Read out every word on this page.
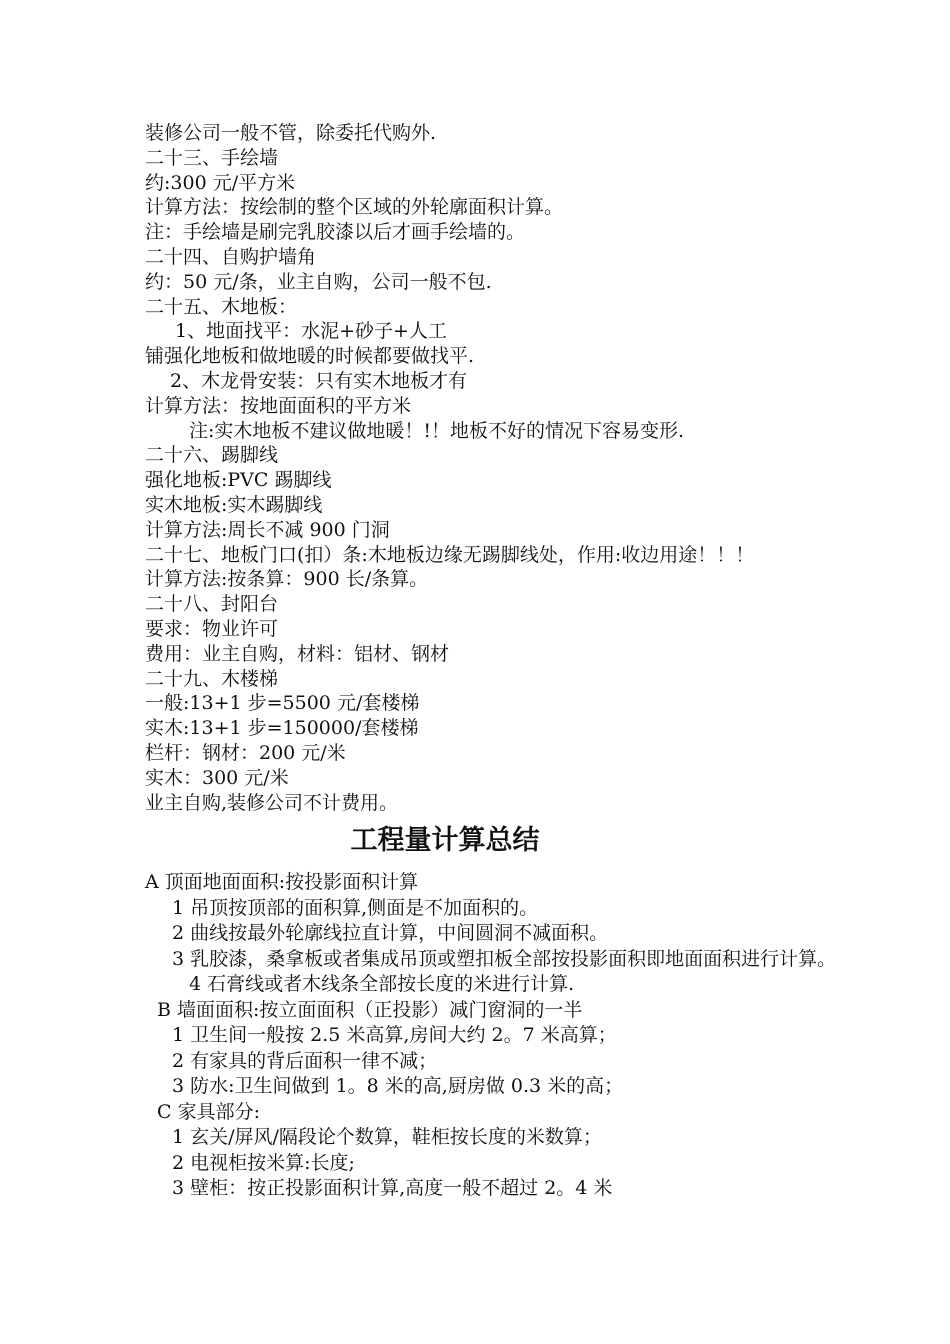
装修公司一般不管，除委托代购外.
二十三、手绘墙
约:300 元/平方米
计算方法：按绘制的整个区域的外轮廓面积计算。
注：手绘墙是刷完乳胶漆以后才画手绘墙的。
二十四、自购护墙角
约：50 元/条，业主自购，公司一般不包.
二十五、木地板：
1、地面找平：水泥+砂子+人工
铺强化地板和做地暖的时候都要做找平.
2、木龙骨安装：只有实木地板才有
计算方法：按地面面积的平方米
注:实木地板不建议做地暖！!！地板不好的情况下容易变形.
二十六、踢脚线
强化地板:PVC 踢脚线
实木地板:实木踢脚线
计算方法:周长不减 900 门洞
二十七、地板门口(扣）条:木地板边缘无踢脚线处，作用:收边用途！！！
计算方法:按条算：900 长/条算。
二十八、封阳台
要求：物业许可
费用：业主自购，材料：铝材、钢材
二十九、木楼梯
一般:13+1 步=5500 元/套楼梯
实木:13+1 步=150000/套楼梯
栏杆：钢材：200 元/米
实木：300 元/米
业主自购,装修公司不计费用。
工程量计算总结
A 顶面地面面积:按投影面积计算
1 吊顶按顶部的面积算,侧面是不加面积的。
2 曲线按最外轮廓线拉直计算，中间圆洞不减面积。
3 乳胶漆，桑拿板或者集成吊顶或塑扣板全部按投影面积即地面面积进行计算。
4 石膏线或者木线条全部按长度的米进行计算.
B 墙面面积:按立面面积（正投影）减门窗洞的一半
1 卫生间一般按 2.5 米高算,房间大约 2。7 米高算；
2 有家具的背后面积一律不减；
3 防水:卫生间做到 1。8 米的高,厨房做 0.3 米的高；
C 家具部分:
1 玄关/屏风/隔段论个数算，鞋柜按长度的米数算；
2 电视柜按米算:长度;
3 壁柜：按正投影面积计算,高度一般不超过 2。4 米
